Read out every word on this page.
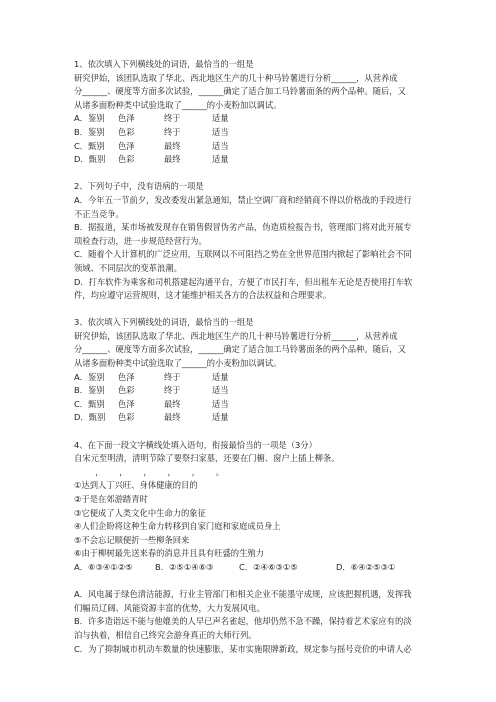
1、依次填入下列横线处的词语，最恰当的一组是
研究伊始，该团队选取了华北、西北地区生产的几十种马铃薯进行分析______，从营养成
分______、硬度等方面多次试验，______确定了适合加工马铃薯面条的两个品种。随后，又
从诸多面粉种类中试验选取了______的小麦粉加以调试。
A．鉴别	色泽	终于	适量
B．鉴别	色彩	终于	适当
C．甄别	色泽	最终	适当
D．甄别	色彩	最终	适量
2、下列句子中，没有语病的一项是
A．今年五一节前夕，发改委发出紧急通知，禁止空调厂商和经销商不得以价格战的手段进行
不正当竞争。
B．据报道，某市场被发现存在销售假冒伪劣产品，伪造质检报告书，管理部门将对此开展专
项检查行动，进一步规范经营行为。
C．随着个人计算机的广泛应用，互联网以不可阻挡之势在全世界范围内掀起了影响社会不同
领域、不同层次的变革浪潮。
D．打车软件为乘客和司机搭建起沟通平台，方便了市民打车，但出租车无论是否使用打车软
件，均应遵守运营规则，这才能维护相关各方的合法权益和合理要求。
3、依次填入下列横线处的词语，最恰当的一组是
研究伊始，该团队选取了华北、西北地区生产的几十种马铃薯进行分析______，从营养成
分______、硬度等方面多次试验，______确定了适合加工马铃薯面条的两个品种。随后，又
从诸多面粉种类中试验选取了______的小麦粉加以调试。
A．鉴别	色泽	终于	适量
B．鉴别	色彩	终于	适当
C．甄别	色泽	最终	适当
D．甄别	色彩	最终	适量
4、在下面一段文字横线处填入语句，衔接最恰当的一项是（3分）
自宋元至明清，清明节除了要祭扫家墓，还要在门楣、窗户上插上柳条。
，      ，      ，      ，      ，      。
①达到人丁兴旺、身体健康的目的
②于是在郊游踏青时
③它便成了人类文化中生命力的象征
④人们企盼将这种生命力转移到自家门庭和家庭成员身上
⑤不会忘记顺便折一些柳条回来
⑥由于柳树最先送来春的消息并且具有旺盛的生殖力
A．⑥③④①②⑤	B．②⑤①④⑥③	C．②④⑥③①⑤	D．⑥④②⑤③①
A．风电属于绿色清洁能源，行业主管部门和相关企业不能墨守成规，应该把握机遇，发挥我
们幅员辽阔、风能资源丰富的优势，大力发展风电。
B．许多造诣远不能与他媲美的人早已声名雀起，他却仍然不急不躁，保持着艺术家应有的淡
泊与执着，相信自己终究会游身真正的大师行列。
C．为了抑制城市机动车数量的快速膨胀，某市实施限牌新政，规定参与摇号竞价的申请人必
